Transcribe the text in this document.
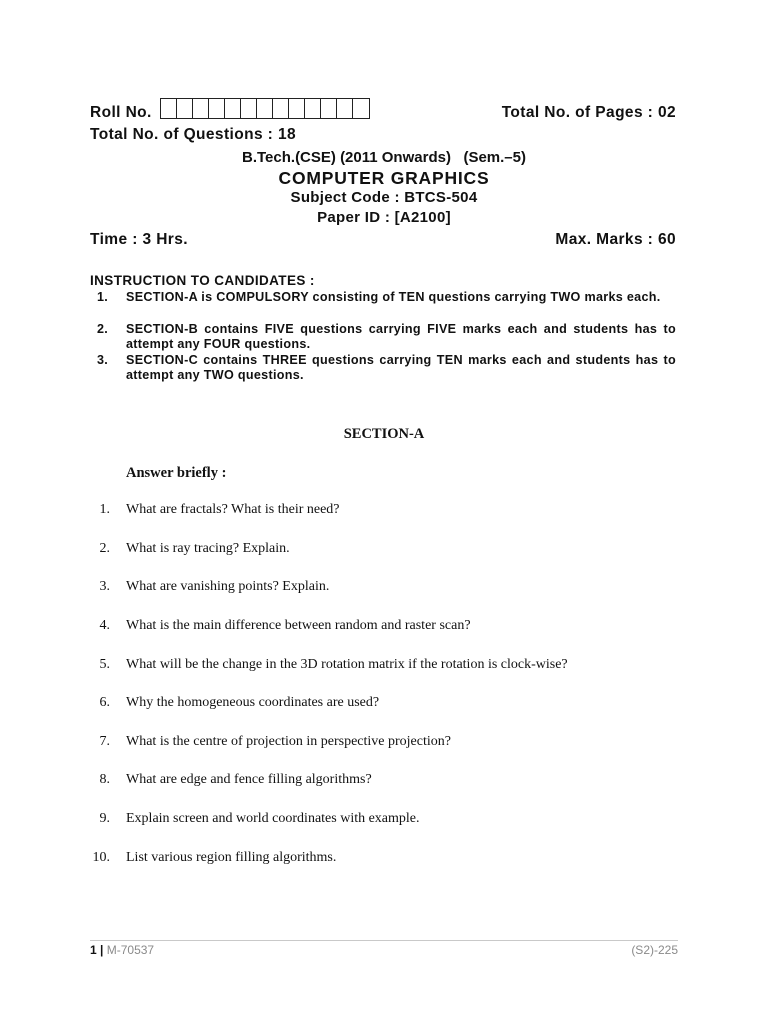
Roll No.	Total No. of Pages : 02
Total No. of Questions : 18
B.Tech.(CSE) (2011 Onwards)   (Sem.–5)
COMPUTER GRAPHICS
Subject Code : BTCS-504
Paper ID : [A2100]
Time : 3 Hrs.	Max. Marks : 60
INSTRUCTION TO CANDIDATES :
1. SECTION-A is COMPULSORY consisting of TEN questions carrying TWO marks each.
2. SECTION-B contains FIVE questions carrying FIVE marks each and students has to attempt any FOUR questions.
3. SECTION-C contains THREE questions carrying TEN marks each and students has to attempt any TWO questions.
SECTION-A
Answer briefly :
1. What are fractals? What is their need?
2. What is ray tracing? Explain.
3. What are vanishing points? Explain.
4. What is the main difference between random and raster scan?
5. What will be the change in the 3D rotation matrix if the rotation is clock-wise?
6. Why the homogeneous coordinates are used?
7. What is the centre of projection in perspective projection?
8. What are edge and fence filling algorithms?
9. Explain screen and world coordinates with example.
10. List various region filling algorithms.
1 | M-70537	(S2)-225
